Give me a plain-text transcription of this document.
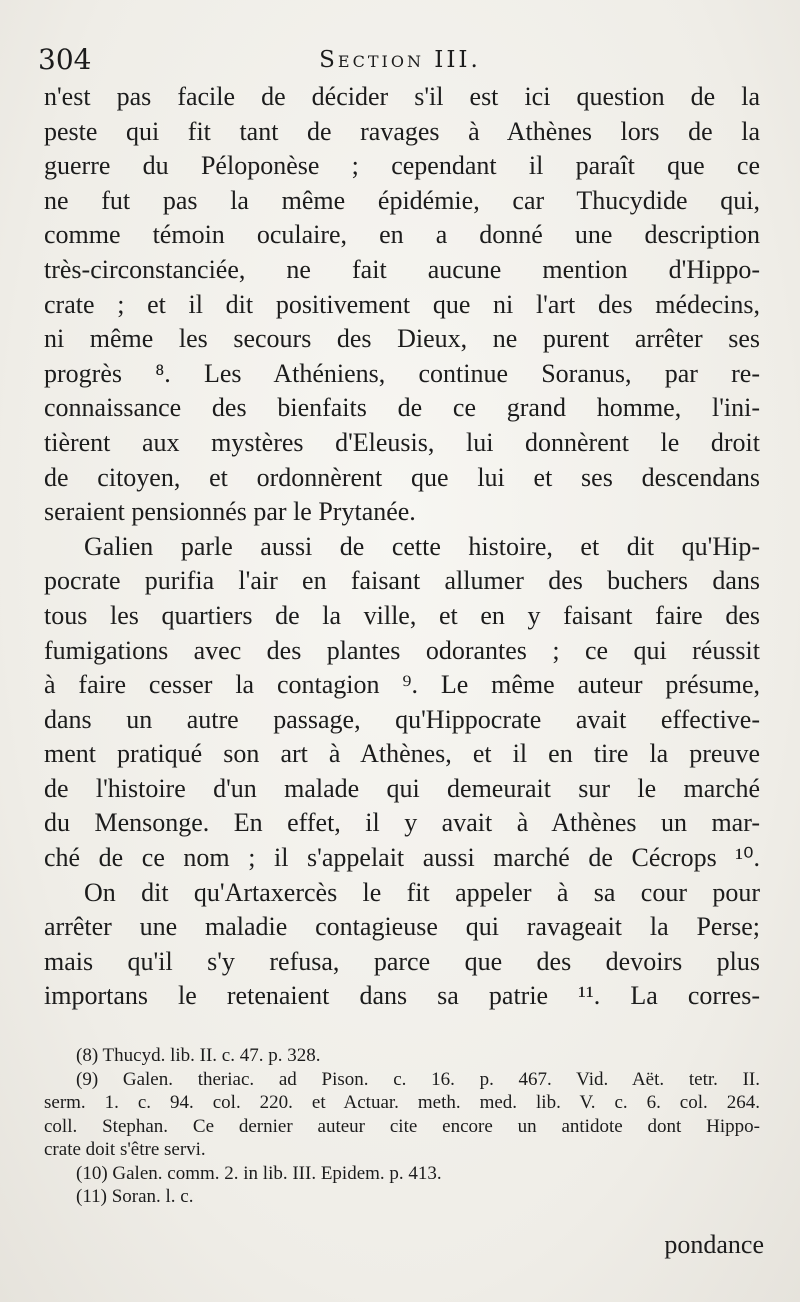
304	Section III.
n'est pas facile de décider s'il est ici question de la
peste qui fit tant de ravages à Athènes lors de la
guerre du Péloponèse ; cependant il paraît que ce
ne fut pas la même épidémie, car Thucydide qui,
comme témoin oculaire, en a donné une description
très-circonstanciée, ne fait aucune mention d'Hippo-
crate ; et il dit positivement que ni l'art des médecins,
ni même les secours des Dieux, ne purent arrêter ses
progrès ⁸. Les Athéniens, continue Soranus, par re-
connaissance des bienfaits de ce grand homme, l'ini-
tièrent aux mystères d'Eleusis, lui donnèrent le droit
de citoyen, et ordonnèrent que lui et ses descendans
seraient pensionnés par le Prytanée.
Galien parle aussi de cette histoire, et dit qu'Hip-
pocrate purifia l'air en faisant allumer des buchers dans
tous les quartiers de la ville, et en y faisant faire des
fumigations avec des plantes odorantes ; ce qui réussit
à faire cesser la contagion ⁹. Le même auteur présume,
dans un autre passage, qu'Hippocrate avait effective-
ment pratiqué son art à Athènes, et il en tire la preuve
de l'histoire d'un malade qui demeurait sur le marché
du Mensonge. En effet, il y avait à Athènes un mar-
ché de ce nom ; il s'appelait aussi marché de Cécrops ¹⁰.
On dit qu'Artaxercès le fit appeler à sa cour pour
arrêter une maladie contagieuse qui ravageait la Perse;
mais qu'il s'y refusa, parce que des devoirs plus
importans le retenaient dans sa patrie ¹¹. La corres-
(8) Thucyd. lib. II. c. 47. p. 328.
(9) Galen. theriac. ad Pison. c. 16. p. 467. Vid. Aët. tetr. II.
serm. 1. c. 94. col. 220. et Actuar. meth. med. lib. V. c. 6. col. 264.
coll. Stephan. Ce dernier auteur cite encore un antidote dont Hippo-
crate doit s'être servi.
(10) Galen. comm. 2. in lib. III. Epidem. p. 413.
(11) Soran. l. c.
pondance
